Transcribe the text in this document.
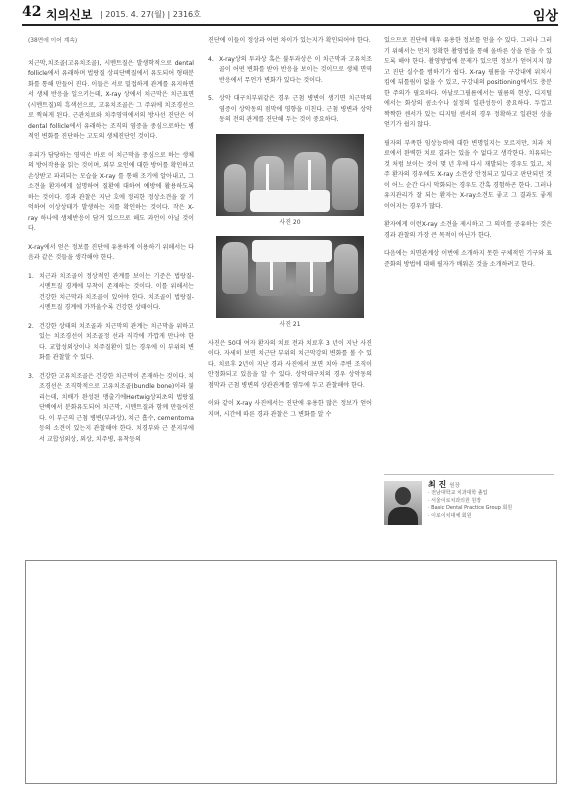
42 치의신보 | 2015. 4. 27(월) | 2316호	임상

(38면에 이어 계속)

치근막,치조골(고유치조골), 시멘트질은 발생학적으로 dental follicle에서 유래하며 법랑질 상피단백질에서 유도되어 형태분화를 통해 만들어 진다. 이들은 서로 밀접하게 관계를 유지하면서 생체 반응을 일으키는데, X-ray 상에서 치근막은 치근표면(시멘트질)의 흑색선으로, 고유치조골은 그 주위에 치조경선으로 찍혀게 된다. 근관치료와 치주영역에서의 방사선 진단은 이 dental follicle에서 유래하는 조직의 염증을 중심으로하는 병적인 변화를 진단하는 고도의 생체진단인 것이다.

우리가 담당하는 영역은 바로 이 치근막을 중심으로 하는 생체의 방어작용을 읽는 것이며, 외부 요인에 대한 방어를 확인하고 손상받고 파괴되는 모습을 X-ray 를 통해 조기에 알아내고, 그 소견을 환자에게 설명하여 질환에 대하여 예방에 활용하도록 하는 것이다. 경과 관찰은 지난 호에 정리한 정상소견을 잘 기억하여 이상상태가 발생하는 지를 확인하는 것이다. 작은 X-ray 하나에 생체반응이 담겨 있으므로 해도 과언이 아닐 것이다.

X-ray에서 얻은 정보를 진단에 유용하게 이용하기 위해서는 다음과 같은 것들을 생각해야 한다.

1. 치근과 치조골이 정상적인 관계를 보이는 기준은 법랑질-시멘트질 경계에 부착이 존재하는 것이다. 이를 위해서는 건강한 치근막과 치조골이 있어야 한다. 치조골이 법랑질-시멘트질 경계에 가까울수록 건강한 상태이다.
2. 건강한 상태의 치조골과 치근막의 관계는 치근막을 위하고 있는 치조경선이 치조골정 선과 직각에 가깝게 만나야 한다. 교합성외상이나 치주질환이 있는 경우에 이 부위의 변화를 관찰할 수 있다.
3. 건강한 고유치조골은 건강한 치근막이 존재하는 것이다. 치조경선은 조직학적으로 고유치조골(bundle bone)이라 불리는데, 치배가 완성된 맹출기에Hertwig상피초의 법랑질 단백에서 분화유도되어 치근막, 시멘트질과 함께 만들어진다. 이 부근의 근첨 병변(부과상), 치근 흡수, cementoma등의 소견이 있는지 관찰해야 한다. 치경부와 근 분지부에서 교합성외상, 외상, 치주병, 유착등의

진단에 이들이 정상과 어떤 차이가 있는지가 확인되어야 한다.

4. X-ray상의 투과상 혹은 불투과상은 이 치근막과 고유치조골이 어떤 변화를 받아 반응을 보이는 것이므로 생체 면역반응에서 무언가 변화가 있다는 것이다.
5. 상악 대구치부위같은 경우 근첨 병변이 생기면 치근막의 염증이 상악동의 점막에 영향을 미친다. 근첨 병변과 상악동의 전의 관계를 진단해 두는 것이 중요하다.
사진 20
사진 21

사진은 50대 여자 환자의 치료 전과 치료후 3 년이 지난 사진이다. 자세히 보면 치근단 부위의 치근막강의 변화를 볼 수 있다. 치료후 2년이 지난 경과 사진에서 보면 치아 주변 조직이 안정화되고 있음을 알 수 있다. 상악대구치의 경우 상악동의 점막과 근첨 병변의 상관관계를 염두에 두고 관찰해야 한다.

이와 같이 X-ray 사진에서는 진단에 유용한 많은 정보가 얻어지며, 시간에 따른 경과 관찰은 그 변화를 알 수

있으므로 진단에 매우 유용한 정보를 얻을 수 있다. 그러나 그러기 위해서는 먼저 정확한 촬영법을 통해 올바른 상을 얻을 수 있도록 해야 한다. 촬영방법에 문제가 있으면 정보가 얻어지지 않고 진단 실수를 범하기가 쉽다. X-ray 필름을 구강내에 위치시킴에 뒤틀림이 없을 수 있고, 구강내의 positioning에서도 충분한 주의가 필요하다. 아날로그필름에서는 필름의 현상, 디지털에서는 화상의 콤소수나 설정의 일관성등이 중요하다. 두껍고 짝짝한 센서가 있는 디지털 센서의 경우 정확하고 일관된 상을 얻기가 쉽지 않다.

필자의 부족한 임상능력에 대한 변명일지는 모르지만, 치과 치료에서 완벽한 치료 결과는 있을 수 없다고 생각한다. 치유되는 것 처럼 보이는 것이 몇 년 후에 다시 재발되는 경우도 있고, 치주 환자의 경우에도 X-ray 소견상 안정되고 있다고 판단되던 것이 어느 순간 다시 악화되는 경우도 간혹 경험하곤 한다. 그러나 유지관리가 잘 되는 환자는 X-ray소견도 좋고 그 결과도 좋게 이어지는 경우가 많다.

환자에게 이런X-ray 소견을 제시하고 그 의미를 공유하는 것은 경과 관찰의 가장 큰 목적이 아닌가 한다.

다음에는 치면관계상 이번에 소개하지 못한 구체적인 기구와 표준화의 방법에 대해 필자가 배워온 것을 소개하려고 한다.

최 진 원장
· 전남대학교 치과대학 졸업
· 서울이로치과의원 원장
· Basic Dental Practice Group 회원
· 이로이치대체 회원
